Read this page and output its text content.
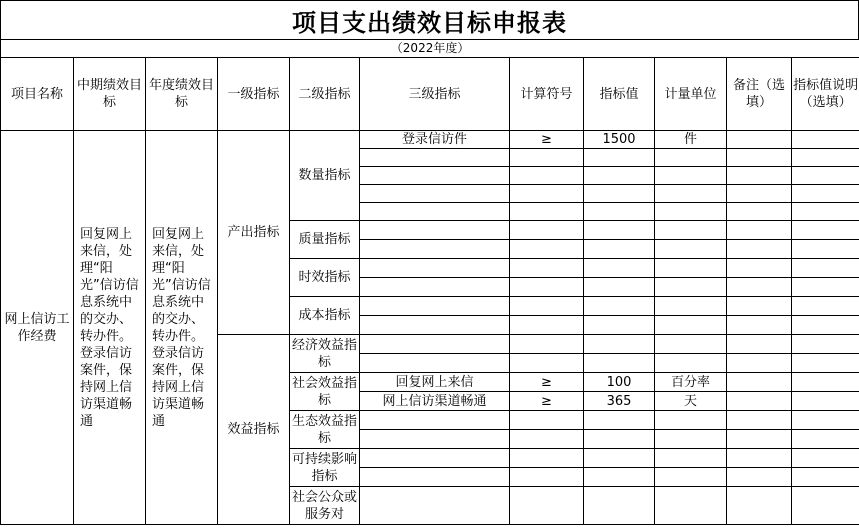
项目支出绩效目标申报表
（2022年度）										
项目名称	中期绩效目标	年度绩效目标	一级指标	二级指标	三级指标	计算符号	指标值	计量单位	备注（选填）	指标值说明（选填）
网上信访工作经费	回复网上来信，处理“阳光”信访信息系统中的交办、转办件。登录信访案件，保持网上信访渠道畅通	回复网上来信，处理“阳光”信访信息系统中的交办、转办件。登录信访案件，保持网上信访渠道畅通	产出指标	数量指标	登录信访件	≥	1500	件		

				质量指标						

				时效指标						

				成本指标						

			效益指标	经济效益指标						

				社会效益指标	回复网上来信	≥	100	百分率		
					网上信访渠道畅通	≥	365	天		
				生态效益指标						

				可持续影响指标						

				社会公众或服务对						
